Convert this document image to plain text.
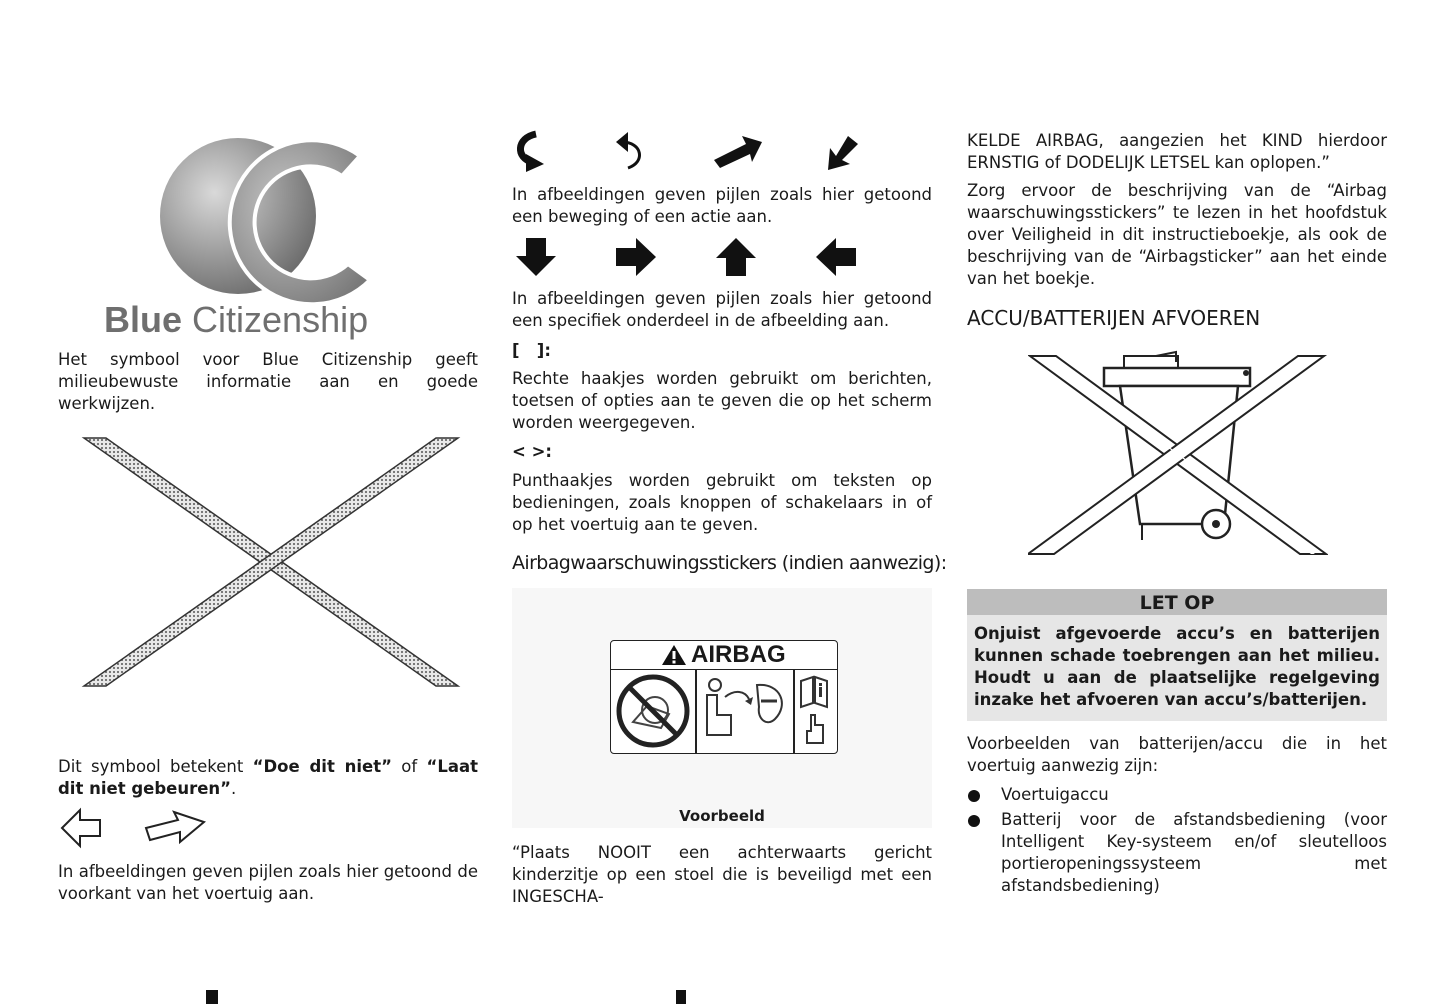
Blue Citizenship

Het symbool voor Blue Citizenship geeft milieubewuste informatie aan en goede werkwijzen.

Dit symbool betekent “Doe dit niet” of “Laat dit niet gebeuren”.

In afbeeldingen geven pijlen zoals hier getoond de voorkant van het voertuig aan.

In afbeeldingen geven pijlen zoals hier getoond een beweging of een actie aan.

In afbeeldingen geven pijlen zoals hier getoond een specifiek onderdeel in de afbeelding aan.

[   ]:

Rechte haakjes worden gebruikt om berichten, toetsen of opties aan te geven die op het scherm worden weergegeven.

< >:

Punthaakjes worden gebruikt om teksten op bedieningen, zoals knoppen of schakelaars in of op het voertuig aan te geven.

Airbagwaarschuwingsstickers (indien aanwezig):

AIRBAG

Voorbeeld

“Plaats NOOIT een achterwaarts gericht kinderzitje op een stoel die is beveiligd met een INGESCHA-

KELDE AIRBAG, aangezien het KIND hierdoor ERNSTIG of DODELIJK LETSEL kan oplopen.”

Zorg ervoor de beschrijving van de “Airbag waarschuwingsstickers” te lezen in het hoofdstuk over Veiligheid in dit instructieboekje, als ook de beschrijving van de “Airbagsticker” aan het einde van het boekje.

ACCU/BATTERIJEN AFVOEREN

LET OP

Onjuist afgevoerde accu’s en batterijen kunnen schade toebrengen aan het milieu. Houdt u aan de plaatselijke regelgeving inzake het afvoeren van accu’s/batterijen.

Voorbeelden van batterijen/accu die in het voertuig aanwezig zijn:

Voertuigaccu

Batterij voor de afstandsbediening (voor Intelligent Key-systeem en/of sleutelloos portieropeningssysteem met afstandsbediening)
